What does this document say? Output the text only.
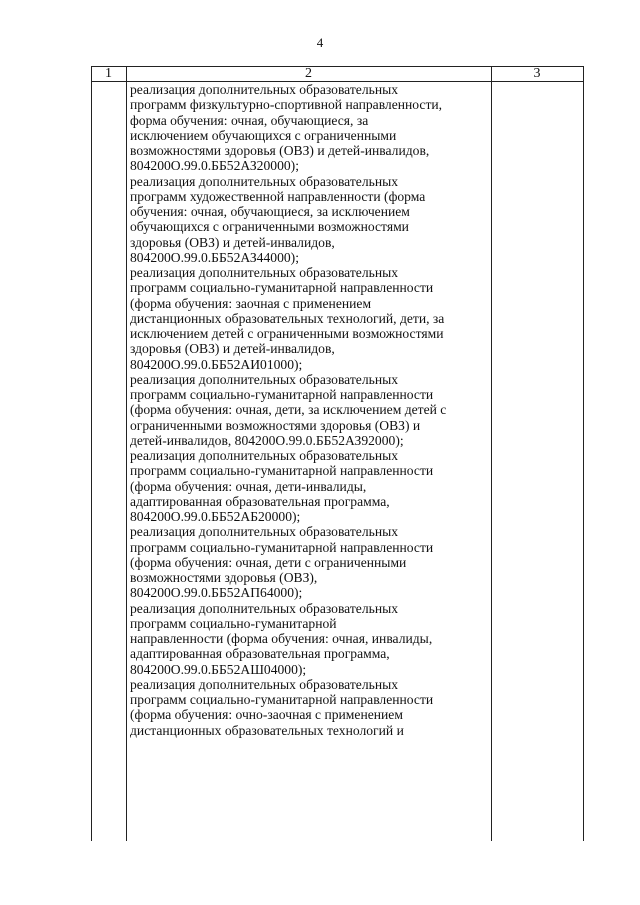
4
1	2	3

реализация дополнительных образовательных
программ физкультурно-спортивной направленности,
форма обучения: очная, обучающиеся, за
исключением обучающихся с ограниченными
возможностями здоровья (ОВЗ) и детей-инвалидов,
804200О.99.0.ББ52АЗ20000);

реализация дополнительных образовательных
программ художественной направленности (форма
обучения: очная, обучающиеся, за исключением
обучающихся с ограниченными возможностями
здоровья (ОВЗ) и детей-инвалидов,
804200О.99.0.ББ52АЗ44000);

реализация дополнительных образовательных
программ социально-гуманитарной направленности
(форма обучения: заочная с применением
дистанционных образовательных технологий, дети, за
исключением детей с ограниченными возможностями
здоровья (ОВЗ) и детей-инвалидов,
804200О.99.0.ББ52АИ01000);

реализация дополнительных образовательных
программ социально-гуманитарной направленности
(форма обучения: очная, дети, за исключением детей с
ограниченными возможностями здоровья (ОВЗ) и
детей-инвалидов, 804200О.99.0.ББ52АЗ92000);

реализация дополнительных образовательных
программ социально-гуманитарной направленности
(форма обучения: очная, дети-инвалиды,
адаптированная образовательная программа,
804200О.99.0.ББ52АБ20000);

реализация дополнительных образовательных
программ социально-гуманитарной направленности
(форма обучения: очная, дети с ограниченными
возможностями здоровья (ОВЗ),
804200О.99.0.ББ52АП64000);

реализация дополнительных образовательных
программ социально-гуманитарной
направленности (форма обучения: очная, инвалиды,
адаптированная образовательная программа,
804200О.99.0.ББ52АШ04000);

реализация дополнительных образовательных
программ социально-гуманитарной направленности
(форма обучения: очно-заочная с применением
дистанционных образовательных технологий и
